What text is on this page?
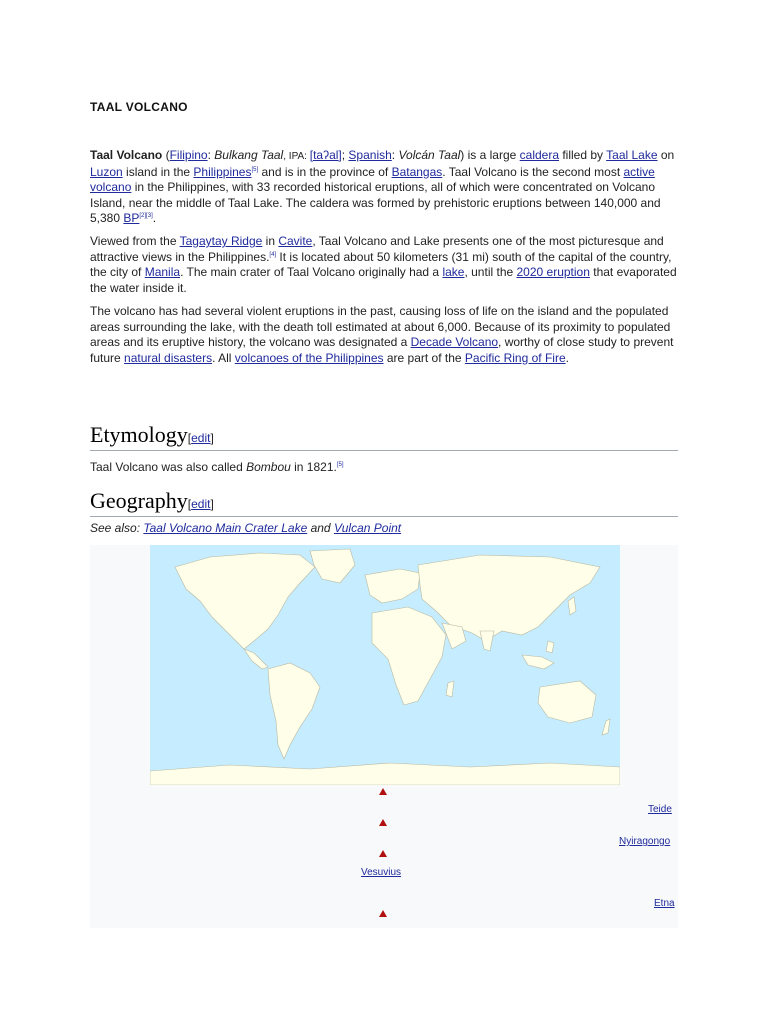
TAAL VOLCANO
Taal Volcano (Filipino: Bulkang Taal, IPA: [taʔal]; Spanish: Volcán Taal) is a large caldera filled by Taal Lake on Luzon island in the Philippines[5] and is in the province of Batangas. Taal Volcano is the second most active volcano in the Philippines, with 33 recorded historical eruptions, all of which were concentrated on Volcano Island, near the middle of Taal Lake. The caldera was formed by prehistoric eruptions between 140,000 and 5,380 BP[2][3].
Viewed from the Tagaytay Ridge in Cavite, Taal Volcano and Lake presents one of the most picturesque and attractive views in the Philippines.[4] It is located about 50 kilometers (31 mi) south of the capital of the country, the city of Manila. The main crater of Taal Volcano originally had a lake, until the 2020 eruption that evaporated the water inside it.
The volcano has had several violent eruptions in the past, causing loss of life on the island and the populated areas surrounding the lake, with the death toll estimated at about 6,000. Because of its proximity to populated areas and its eruptive history, the volcano was designated a Decade Volcano, worthy of close study to prevent future natural disasters. All volcanoes of the Philippines are part of the Pacific Ring of Fire.
Etymology[edit]
Taal Volcano was also called Bombou in 1821.[5]
Geography[edit]
See also: Taal Volcano Main Crater Lake and Vulcan Point
Teide
Nyiragongo
Vesuvius
Etna
